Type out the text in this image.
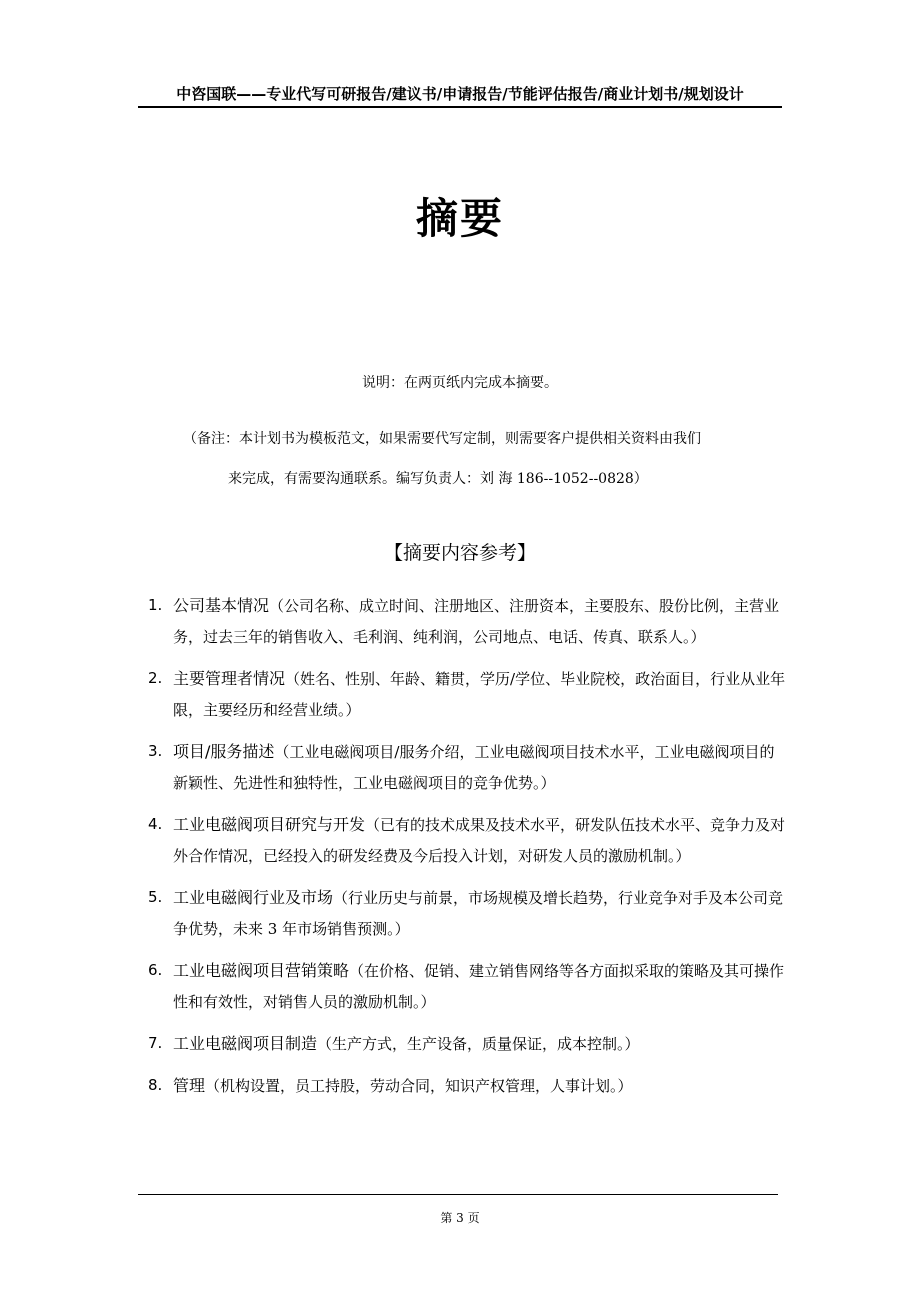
中咨国联——专业代写可研报告/建议书/申请报告/节能评估报告/商业计划书/规划设计
摘要
说明：在两页纸内完成本摘要。
（备注：本计划书为模板范文，如果需要代写定制，则需要客户提供相关资料由我们
来完成，有需要沟通联系。编写负责人：刘 海 186--1052--0828）
【摘要内容参考】
1. 公司基本情况（公司名称、成立时间、注册地区、注册资本，主要股东、股份比例，主营业务，过去三年的销售收入、毛利润、纯利润，公司地点、电话、传真、联系人。）
2. 主要管理者情况（姓名、性别、年龄、籍贯，学历/学位、毕业院校，政治面目，行业从业年限，主要经历和经营业绩。）
3. 项目/服务描述（工业电磁阀项目/服务介绍，工业电磁阀项目技术水平，工业电磁阀项目的新颖性、先进性和独特性，工业电磁阀项目的竞争优势。）
4. 工业电磁阀项目研究与开发（已有的技术成果及技术水平，研发队伍技术水平、竞争力及对外合作情况，已经投入的研发经费及今后投入计划，对研发人员的激励机制。）
5. 工业电磁阀行业及市场（行业历史与前景，市场规模及增长趋势，行业竞争对手及本公司竞争优势，未来 3 年市场销售预测。）
6. 工业电磁阀项目营销策略（在价格、促销、建立销售网络等各方面拟采取的策略及其可操作性和有效性，对销售人员的激励机制。）
7. 工业电磁阀项目制造（生产方式，生产设备，质量保证，成本控制。）
8. 管理（机构设置，员工持股，劳动合同，知识产权管理，人事计划。）
第 3 页
